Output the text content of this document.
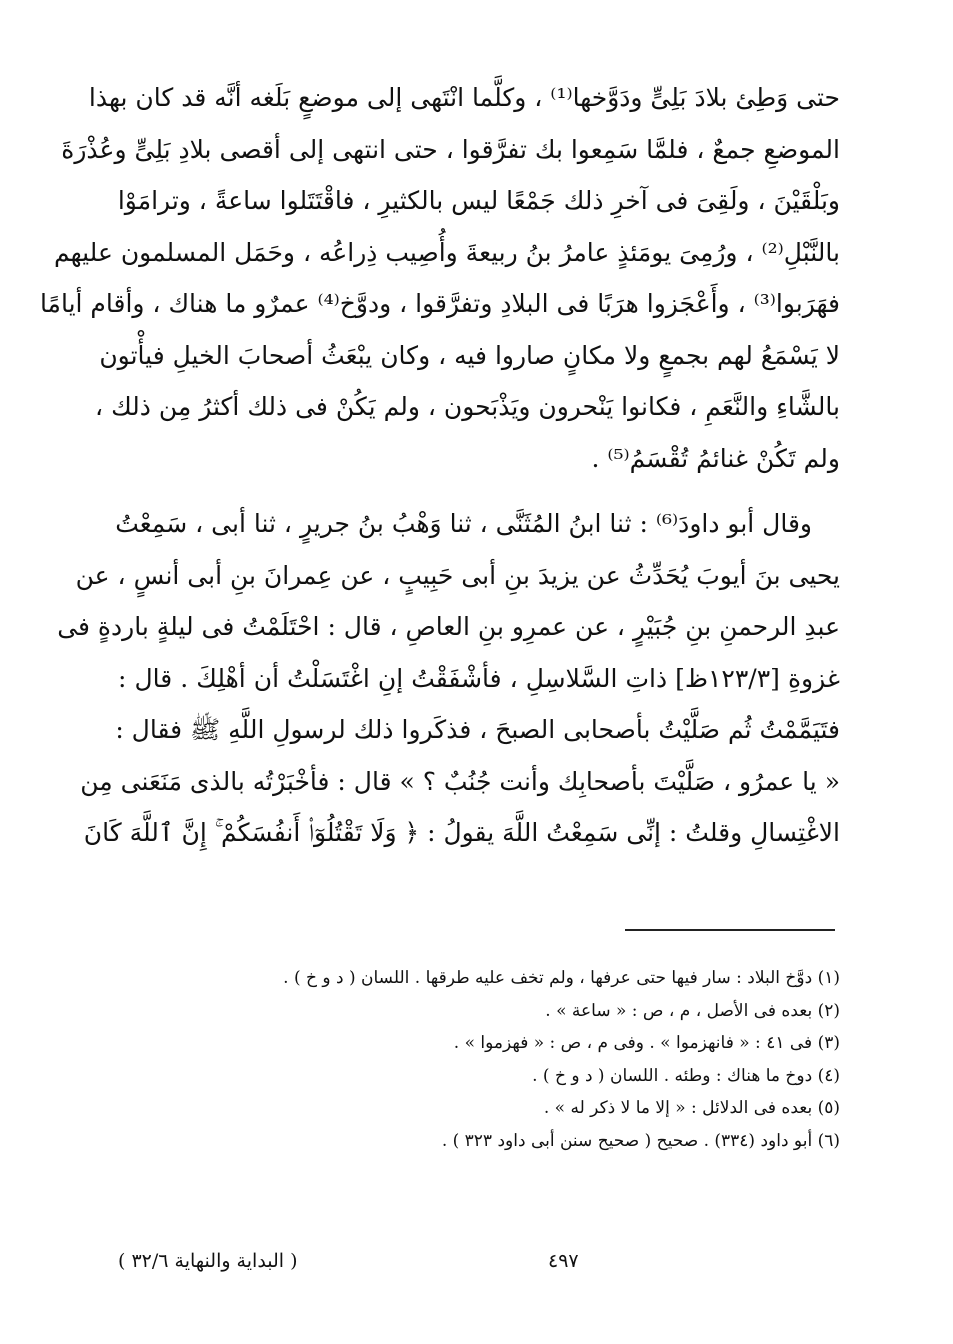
حتى وَطِئ بلادَ بَلِىٍّ ودَوَّخها⁽¹⁾ ، وكلَّما انْتَهى إلى موضعٍ بَلَغه أنَّه قد كان بهذا
الموضعِ جمعٌ ، فلمَّا سَمِعوا بك تفرَّقوا ، حتى انتهى إلى أقصى بلادِ بَلِىٍّ وعُذْرَةَ
وبَلْقَيْنَ ، ولَقِىَ فى آخرِ ذلك جَمْعًا ليس بالكثيرِ ، فاقْتَتَلوا ساعةً ، وترامَوْا
بالنَّبْلِ⁽²⁾ ، ورُمِىَ يومَئذٍ عامرُ بنُ ربيعةَ وأُصِيب ذِراعُه ، وحَمَل المسلمون عليهم
فهَرَبوا⁽³⁾ ، وأَعْجَزوا هرَبًا فى البلادِ وتفرَّقوا ، ودوَّخ⁽⁴⁾ عمرٌو ما هناك ، وأقام أيامًا
لا يَسْمَعُ لهم بجمعٍ ولا مكانٍ صاروا فيه ، وكان يبْعَثُ أصحابَ الخيلِ فيأْتون
بالشَّاءِ والنَّعَمِ ، فكانوا يَنْحرون ويَذْبَحون ، ولم يَكُنْ فى ذلك أكثرُ مِن ذلك ،
ولم تَكُنْ غنائمُ تُقْسَمُ⁽⁵⁾ .

وقال أبو داودَ⁽⁶⁾ : ثنا ابنُ المُثَنَّى ، ثنا وَهْبُ بنُ جريرٍ ، ثنا أبى ، سَمِعْتُ
يحيى بنَ أيوبَ يُحَدِّثُ عن يزيدَ بنِ أبى حَبِيبٍ ، عن عِمرانَ بنِ أبى أنسٍ ، عن
عبدِ الرحمنِ بنِ جُبَيْرٍ ، عن عمرِو بنِ العاصِ ، قال : احْتَلَمْتُ فى ليلةٍ باردةٍ فى
غزوةِ [١٢٣/٣ظ] ذاتِ السَّلاسِلِ ، فأشْفَقْتُ إنِ اغْتَسَلْتُ أن أهْلِكَ . قال :
فتَيَمَّمْتُ ثُم صَلَّيْتُ بأصحابى الصبحَ ، فذكَروا ذلك لرسولِ اللَّهِ ﷺ فقال :
« يا عمرُو ، صَلَّيْتَ بأصحابِك وأنت جُنُبٌ ؟ » قال : فأخْبَرْتُه بالذى مَنَعَنى مِن
الاغْتِسالِ وقلتُ : إنِّى سَمِعْتُ اللَّهَ يقولُ : ﴿ وَلَا تَقْتُلُوٓا۟ أَنفُسَكُمْ ۚ إِنَّ ٱللَّهَ كَانَ

(١) دوَّخ البلاد : سار فيها حتى عرفها ، ولم تخف عليه طرقها . اللسان ( د و خ ) .
(٢) بعده فى الأصل ، م ، ص : « ساعة » .
(٣) فى ٤١ : « فانهزموا » . وفى م ، ص : « فهزموا » .
(٤) دوخ ما هناك : وطئه . اللسان ( د و خ ) .
(٥) بعده فى الدلائل : « إلا ما لا ذكر له » .
(٦) أبو داود (٣٣٤) . صحيح ( صحيح سنن أبى داود ٣٢٣ ) .
٤٩٧
( البداية والنهاية ٣٢/٦ )
